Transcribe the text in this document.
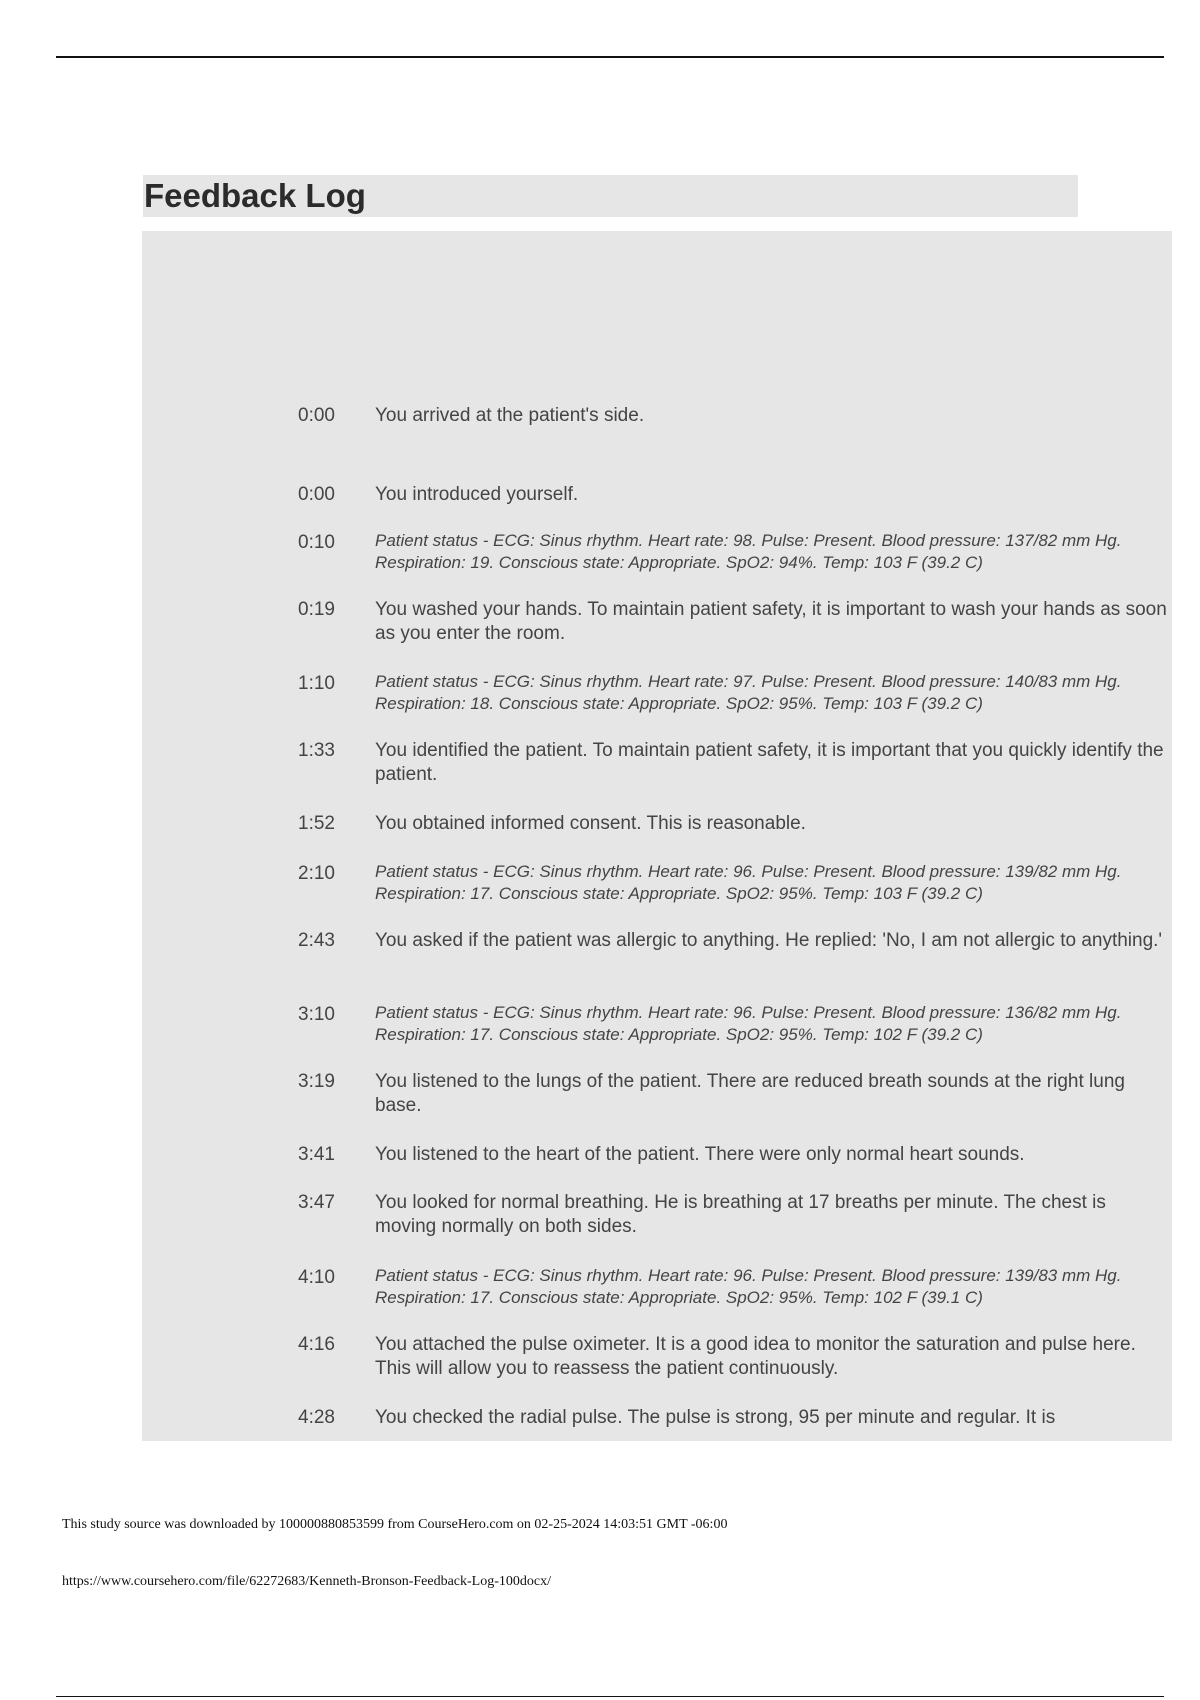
Feedback Log
0:00 You arrived at the patient's side.
0:00 You introduced yourself.
0:10 Patient status - ECG: Sinus rhythm. Heart rate: 98. Pulse: Present. Blood pressure: 137/82 mm Hg. Respiration: 19. Conscious state: Appropriate. SpO2: 94%. Temp: 103 F (39.2 C)
0:19 You washed your hands. To maintain patient safety, it is important to wash your hands as soon as you enter the room.
1:10 Patient status - ECG: Sinus rhythm. Heart rate: 97. Pulse: Present. Blood pressure: 140/83 mm Hg. Respiration: 18. Conscious state: Appropriate. SpO2: 95%. Temp: 103 F (39.2 C)
1:33 You identified the patient. To maintain patient safety, it is important that you quickly identify the patient.
1:52 You obtained informed consent. This is reasonable.
2:10 Patient status - ECG: Sinus rhythm. Heart rate: 96. Pulse: Present. Blood pressure: 139/82 mm Hg. Respiration: 17. Conscious state: Appropriate. SpO2: 95%. Temp: 103 F (39.2 C)
2:43 You asked if the patient was allergic to anything. He replied: 'No, I am not allergic to anything.'
3:10 Patient status - ECG: Sinus rhythm. Heart rate: 96. Pulse: Present. Blood pressure: 136/82 mm Hg. Respiration: 17. Conscious state: Appropriate. SpO2: 95%. Temp: 102 F (39.2 C)
3:19 You listened to the lungs of the patient. There are reduced breath sounds at the right lung base.
3:41 You listened to the heart of the patient. There were only normal heart sounds.
3:47 You looked for normal breathing. He is breathing at 17 breaths per minute. The chest is moving normally on both sides.
4:10 Patient status - ECG: Sinus rhythm. Heart rate: 96. Pulse: Present. Blood pressure: 139/83 mm Hg. Respiration: 17. Conscious state: Appropriate. SpO2: 95%. Temp: 102 F (39.1 C)
4:16 You attached the pulse oximeter. It is a good idea to monitor the saturation and pulse here. This will allow you to reassess the patient continuously.
4:28 You checked the radial pulse. The pulse is strong, 95 per minute and regular. It is
This study source was downloaded by 100000880853599 from CourseHero.com on 02-25-2024 14:03:51 GMT -06:00
https://www.coursehero.com/file/62272683/Kenneth-Bronson-Feedback-Log-100docx/
